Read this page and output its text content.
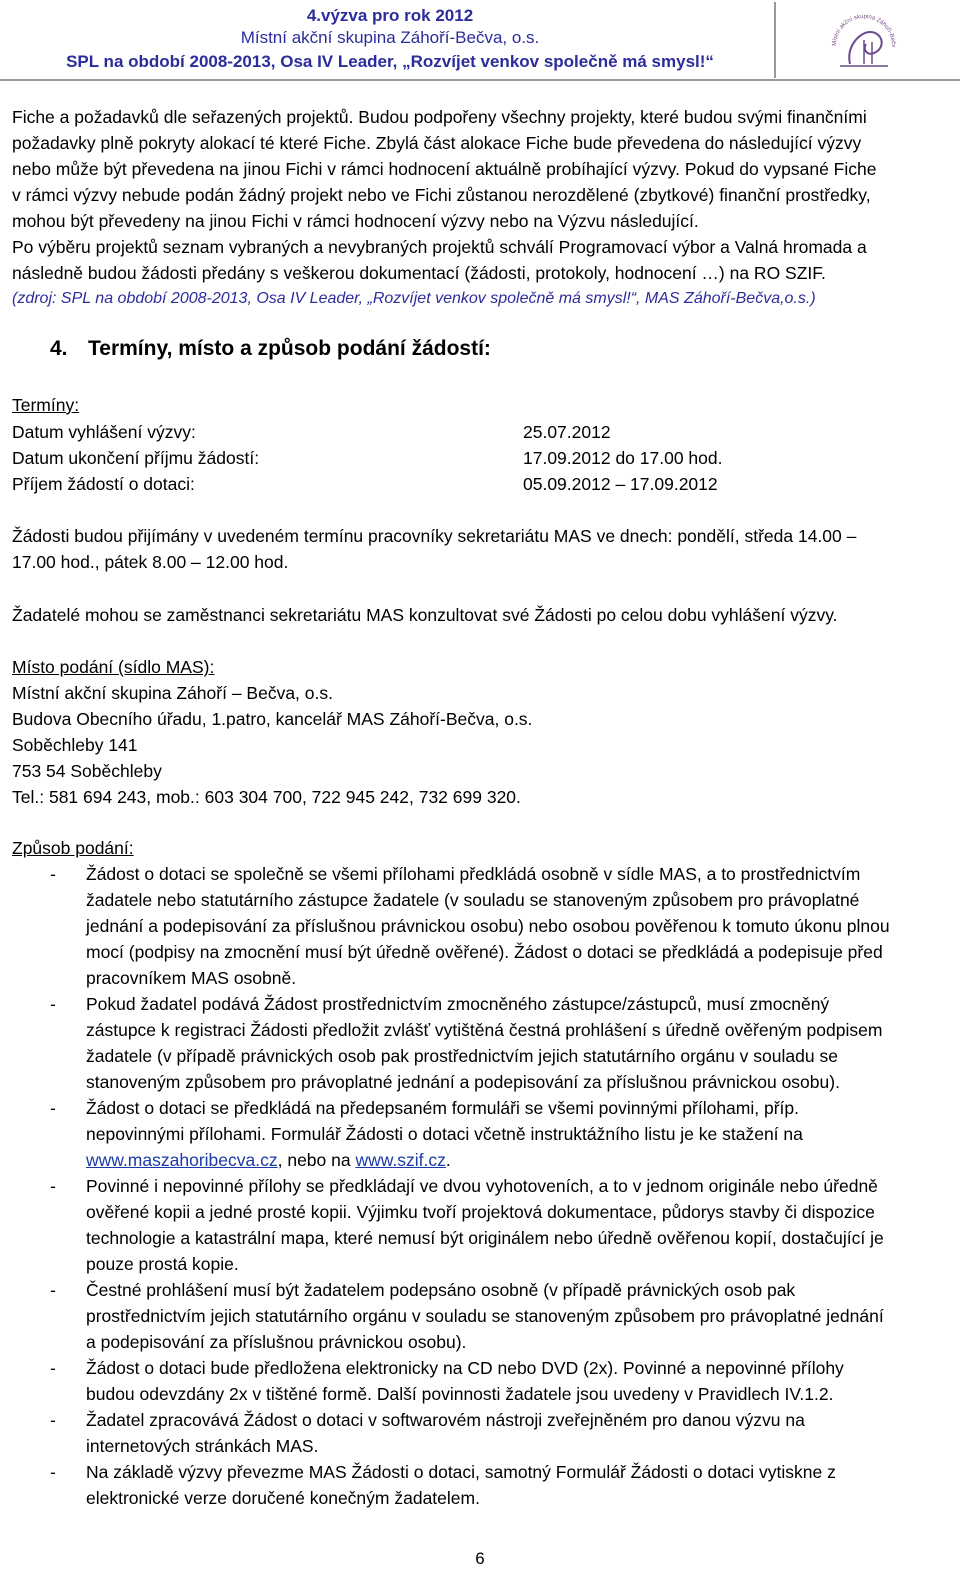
4.výzva pro rok 2012
Místní akční skupina Záhoří-Bečva, o.s.
SPL na období 2008-2013, Osa IV Leader, „Rozvíjet venkov společně má smysl!“
Místní akční skupina Záhoří-Bečv
Fiche a požadavků dle seřazených projektů. Budou podpořeny všechny projekty, které budou svými finančními
požadavky plně pokryty alokací té které Fiche. Zbylá část alokace Fiche bude převedena do následující výzvy
nebo může být převedena na jinou Fichi v rámci hodnocení aktuálně probíhající výzvy. Pokud do vypsané Fiche
v rámci výzvy nebude podán žádný projekt nebo ve Fichi zůstanou nerozdělené (zbytkové) finanční prostředky,
mohou být převedeny na jinou Fichi v rámci hodnocení výzvy nebo na Výzvu následující.
Po výběru projektů seznam vybraných a nevybraných projektů schválí Programovací výbor a Valná hromada a
následně budou žádosti předány s veškerou dokumentací (žádosti, protokoly, hodnocení …) na RO SZIF.
(zdroj: SPL na období 2008-2013, Osa IV Leader, „Rozvíjet venkov společně má smysl!“, MAS Záhoří-Bečva,o.s.)
4. Termíny, místo a způsob podání žádostí:
Termíny:
Datum vyhlášení výzvy:	25.07.2012
Datum ukončení příjmu žádostí:	17.09.2012 do 17.00 hod.
Příjem žádostí o dotaci:	05.09.2012 – 17.09.2012
Žádosti budou přijímány v uvedeném termínu pracovníky sekretariátu MAS ve dnech: pondělí, středa 14.00 –
17.00 hod., pátek 8.00 – 12.00 hod.
Žadatelé mohou se zaměstnanci sekretariátu MAS konzultovat své Žádosti po celou dobu vyhlášení výzvy.
Místo podání (sídlo MAS):
Místní akční skupina Záhoří – Bečva, o.s.
Budova Obecního úřadu, 1.patro, kancelář MAS Záhoří-Bečva, o.s.
Soběchleby 141
753 54 Soběchleby
Tel.: 581 694 243, mob.: 603 304 700, 722 945 242, 732 699 320.
Způsob podání:
-	Žádost o dotaci se společně se všemi přílohami předkládá osobně v sídle MAS, a to prostřednictvím
žadatele nebo statutárního zástupce žadatele (v souladu se stanoveným způsobem pro právoplatné
jednání a podepisování za příslušnou právnickou osobu) nebo osobou pověřenou k tomuto úkonu plnou
mocí (podpisy na zmocnění musí být úředně ověřené). Žádost o dotaci se předkládá a podepisuje před
pracovníkem MAS osobně.
-	Pokud žadatel podává Žádost prostřednictvím zmocněného zástupce/zástupců, musí zmocněný
zástupce k registraci Žádosti předložit zvlášť vytištěná čestná prohlášení s úředně ověřeným podpisem
žadatele (v případě právnických osob pak prostřednictvím jejich statutárního orgánu v souladu se
stanoveným způsobem pro právoplatné jednání a podepisování za příslušnou právnickou osobu).
-	Žádost o dotaci se předkládá na předepsaném formuláři se všemi povinnými přílohami, příp.
nepovinnými přílohami. Formulář Žádosti o dotaci včetně instruktážního listu je ke stažení na
www.maszahoribecva.cz, nebo na www.szif.cz.
-	Povinné i nepovinné přílohy se předkládají ve dvou vyhotoveních, a to v jednom originále nebo úředně
ověřené kopii a jedné prosté kopii. Výjimku tvoří projektová dokumentace, půdorys stavby či dispozice
technologie a katastrální mapa, které nemusí být originálem nebo úředně ověřenou kopií, dostačující je
pouze prostá kopie.
-	Čestné prohlášení musí být žadatelem podepsáno osobně (v případě právnických osob pak
prostřednictvím jejich statutárního orgánu v souladu se stanoveným způsobem pro právoplatné jednání
a podepisování za příslušnou právnickou osobu).
-	Žádost o dotaci bude předložena elektronicky na CD nebo DVD (2x). Povinné a nepovinné přílohy
budou odevzdány 2x v tištěné formě. Další povinnosti žadatele jsou uvedeny v Pravidlech IV.1.2.
-	Žadatel zpracovává Žádost o dotaci v softwarovém nástroji zveřejněném pro danou výzvu na
internetových stránkách MAS.
-	Na základě výzvy převezme MAS Žádosti o dotaci, samotný Formulář Žádosti o dotaci vytiskne z
elektronické verze doručené konečným žadatelem.
6
